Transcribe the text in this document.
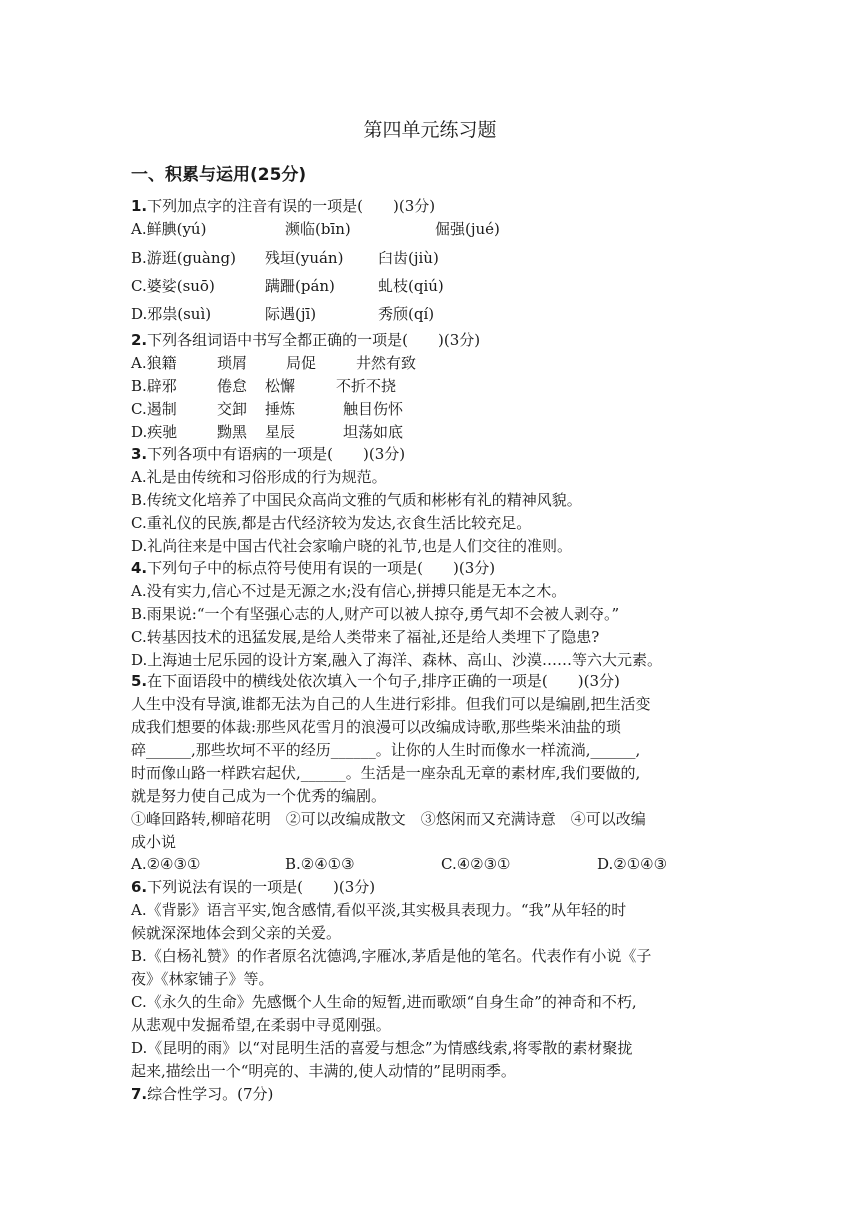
第四单元练习题
一、积累与运用(25分)
1.下列加点字的注音有误的一项是(　　)(3分)
A.鲜腆(yú)	濒临(bīn)	倔强(jué)
B.游逛(guàng) 残垣(yuán) 臼齿(jiù)
C.婆娑(suō)	蹒跚(pán)	虬枝(qiú)
D.邪祟(suì)	际遇(jī)	秀颀(qí)
2.下列各组词语中书写全都正确的一项是(　　)(3分)
A.狼籍	琐屑	局促	井然有致
B.辟邪	倦怠 松懈	不折不挠
C.遏制	交卸 捶炼	触目伤怀
D.疾驰	黝黑 星辰	坦荡如底
3.下列各项中有语病的一项是(　　)(3分)
A.礼是由传统和习俗形成的行为规范。
B.传统文化培养了中国民众高尚文雅的气质和彬彬有礼的精神风貌。
C.重礼仪的民族,都是古代经济较为发达,衣食生活比较充足。
D.礼尚往来是中国古代社会家喻户晓的礼节,也是人们交往的准则。
4.下列句子中的标点符号使用有误的一项是(　　)(3分)
A.没有实力,信心不过是无源之水;没有信心,拼搏只能是无本之木。
B.雨果说:“一个有坚强心志的人,财产可以被人掠夺,勇气却不会被人剥夺。”
C.转基因技术的迅猛发展,是给人类带来了福祉,还是给人类埋下了隐患?
D.上海迪士尼乐园的设计方案,融入了海洋、森林、高山、沙漠……等六大元素。
5.在下面语段中的横线处依次填入一个句子,排序正确的一项是(　　)(3分)
人生中没有导演,谁都无法为自己的人生进行彩排。但我们可以是编剧,把生活变
成我们想要的体裁:那些风花雪月的浪漫可以改编成诗歌,那些柴米油盐的琐
碎______,那些坎坷不平的经历______。让你的人生时而像水一样流淌,______,
时而像山路一样跌宕起伏,______。生活是一座杂乱无章的素材库,我们要做的,
就是努力使自己成为一个优秀的编剧。
①峰回路转,柳暗花明　②可以改编成散文　③悠闲而又充满诗意　④可以改编
成小说
A.②④③①	B.②④①③	C.④②③①	D.②①④③
6.下列说法有误的一项是(　　)(3分)
A.《背影》语言平实,饱含感情,看似平淡,其实极具表现力。“我”从年轻的时
候就深深地体会到父亲的关爱。
B.《白杨礼赞》的作者原名沈德鸿,字雁冰,茅盾是他的笔名。代表作有小说《子
夜》《林家铺子》等。
C.《永久的生命》先感慨个人生命的短暂,进而歌颂“自身生命”的神奇和不朽,
从悲观中发掘希望,在柔弱中寻觅刚强。
D.《昆明的雨》以“对昆明生活的喜爱与想念”为情感线索,将零散的素材聚拢
起来,描绘出一个“明亮的、丰满的,使人动情的”昆明雨季。
7.综合性学习。(7分)
